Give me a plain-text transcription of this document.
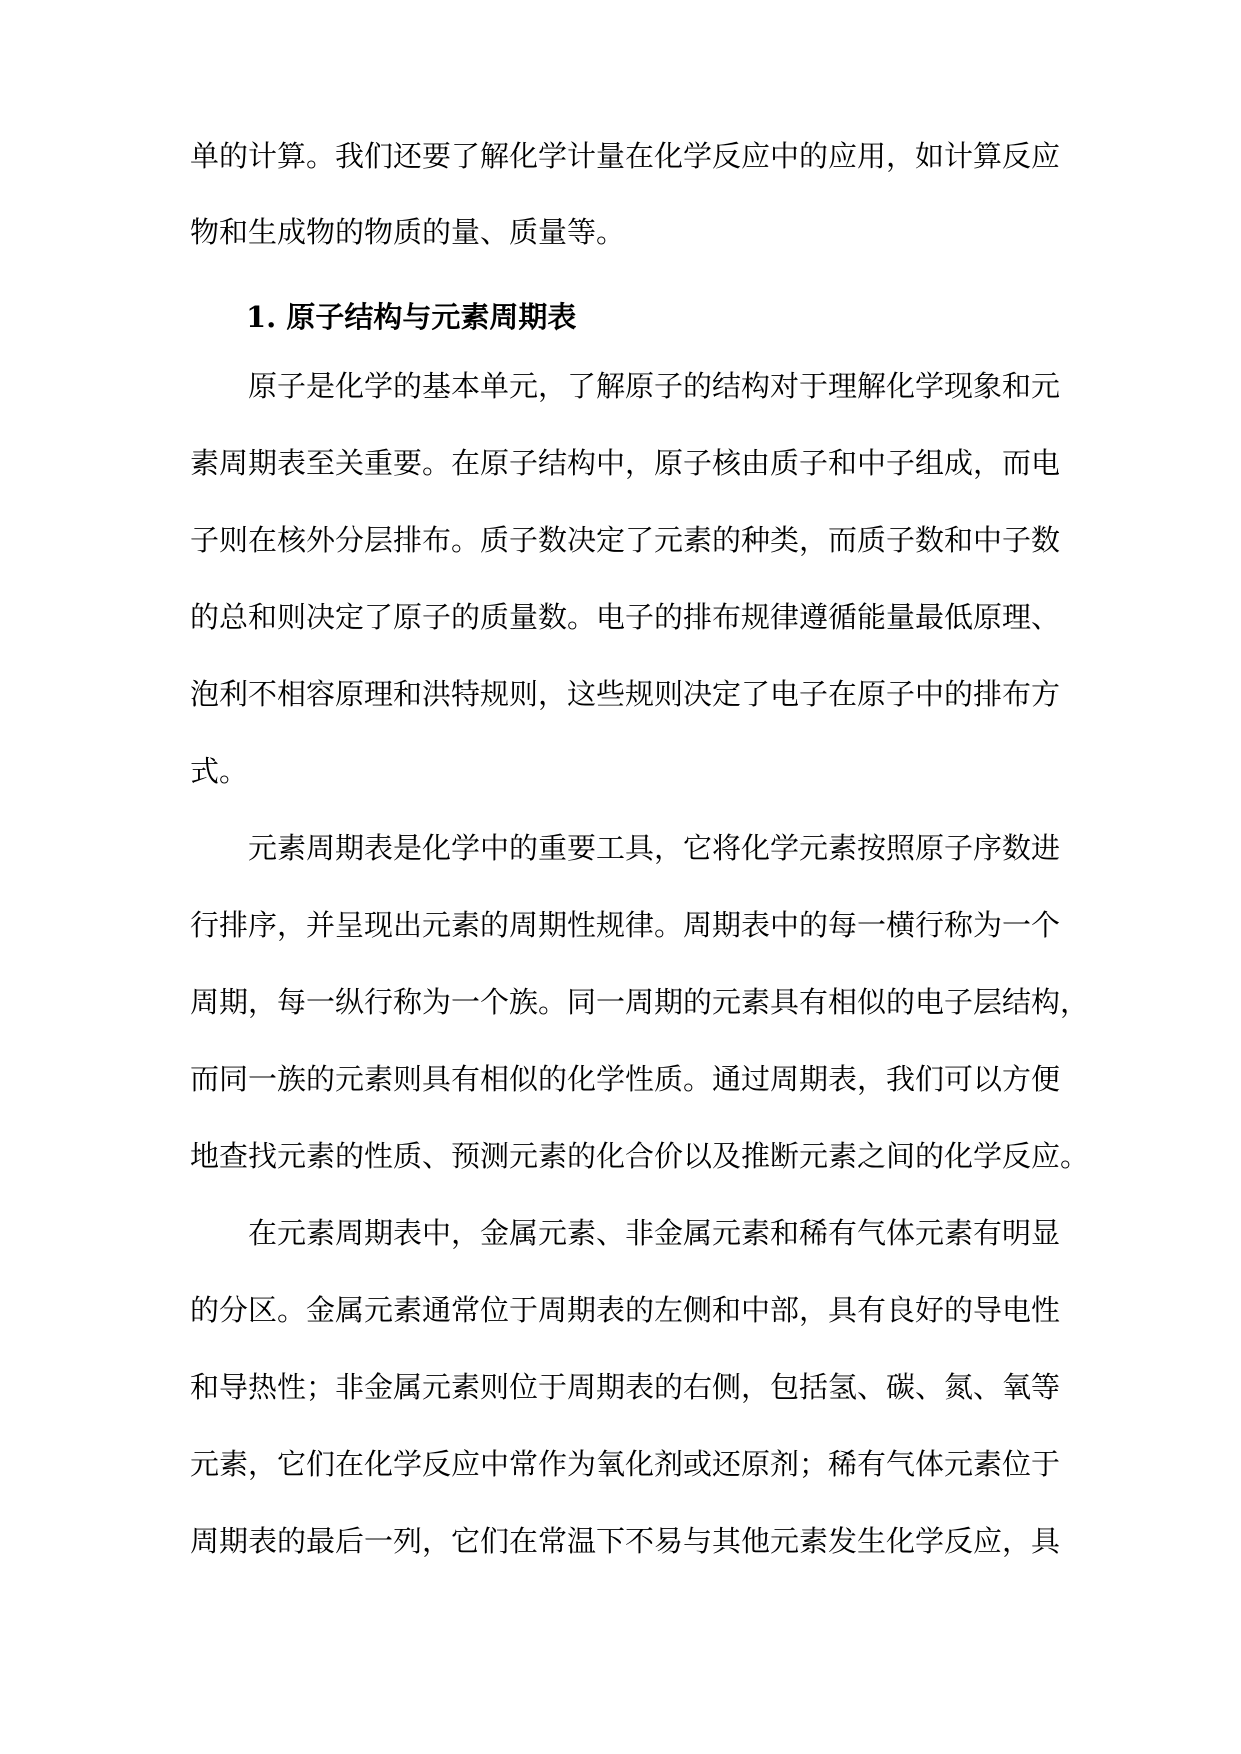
单的计算。我们还要了解化学计量在化学反应中的应用，如计算反应
物和生成物的物质的量、质量等。
1. 原子结构与元素周期表
　　原子是化学的基本单元，了解原子的结构对于理解化学现象和元
素周期表至关重要。在原子结构中，原子核由质子和中子组成，而电
子则在核外分层排布。质子数决定了元素的种类，而质子数和中子数
的总和则决定了原子的质量数。电子的排布规律遵循能量最低原理、
泡利不相容原理和洪特规则，这些规则决定了电子在原子中的排布方
式。
　　元素周期表是化学中的重要工具，它将化学元素按照原子序数进
行排序，并呈现出元素的周期性规律。周期表中的每一横行称为一个
周期，每一纵行称为一个族。同一周期的元素具有相似的电子层结构，
而同一族的元素则具有相似的化学性质。通过周期表，我们可以方便
地查找元素的性质、预测元素的化合价以及推断元素之间的化学反应。
　　在元素周期表中，金属元素、非金属元素和稀有气体元素有明显
的分区。金属元素通常位于周期表的左侧和中部，具有良好的导电性
和导热性；非金属元素则位于周期表的右侧，包括氢、碳、氮、氧等
元素，它们在化学反应中常作为氧化剂或还原剂；稀有气体元素位于
周期表的最后一列，它们在常温下不易与其他元素发生化学反应，具
